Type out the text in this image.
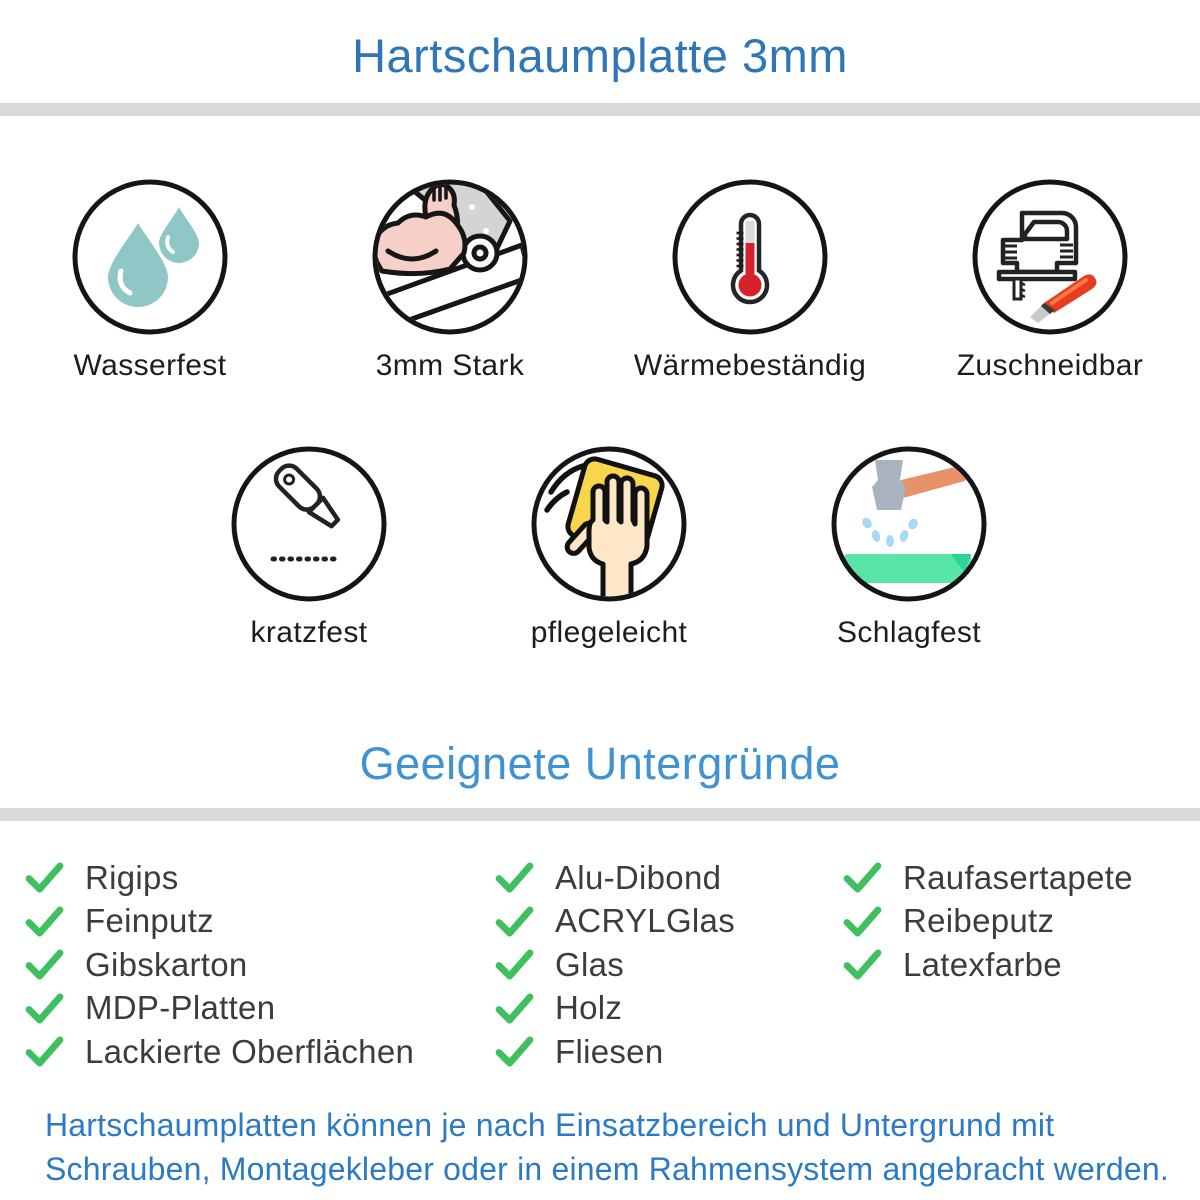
Hartschaumplatte 3mm
Wasserfest	3mm Stark	Wärmebeständig	Zuschneidbar
kratzfest	pflegeleicht	Schlagfest
Geeignete Untergründe
Rigips
Feinputz
Gibskarton
MDP-Platten
Lackierte Oberflächen
Alu-Dibond
ACRYLGlas
Glas
Holz
Fliesen
Raufasertapete
Reibeputz
Latexfarbe
Hartschaumplatten können je nach Einsatzbereich und Untergrund mit
Schrauben, Montagekleber oder in einem Rahmensystem angebracht werden.
